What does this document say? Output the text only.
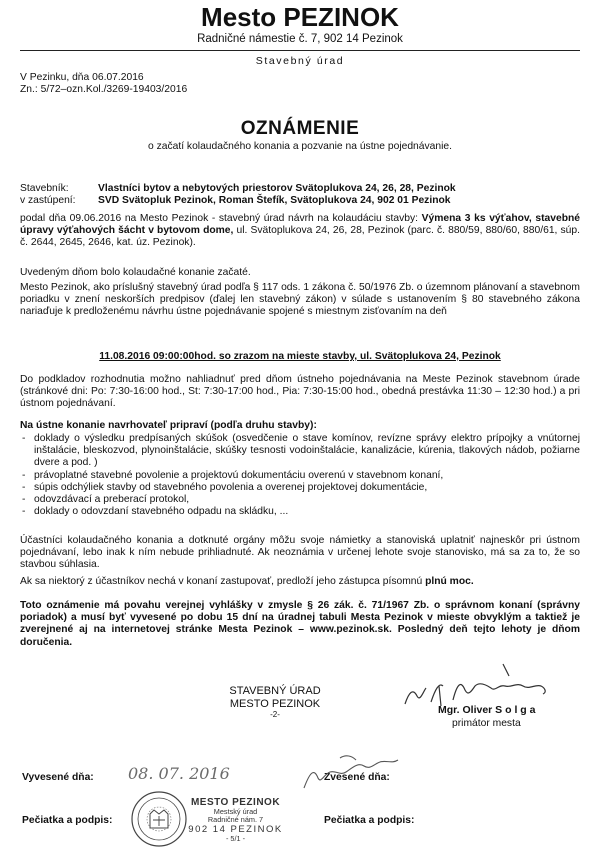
Mesto PEZINOK
Radničné námestie č. 7, 902 14 Pezinok
Stavebný úrad
V Pezinku, dňa 06.07.2016
Zn.: 5/72–ozn.Kol./3269-19403/2016
OZNÁMENIE
o začatí kolaudačného konania a pozvanie na ústne pojednávanie.
Stavebník:	Vlastníci bytov a nebytových priestorov Svätoplukova 24, 26, 28, Pezinok
v zastúpení:	SVD Svätopluk Pezinok, Roman Štefík, Svätoplukova 24, 902 01 Pezinok

podal dňa 09.06.2016 na Mesto Pezinok - stavebný úrad návrh na kolaudáciu stavby: Výmena 3 ks výťahov, stavebné úpravy výťahových šácht v bytovom dome, ul. Svätoplukova 24, 26, 28, Pezinok (parc. č. 880/59, 880/60, 880/61, súp. č. 2644, 2645, 2646, kat. úz. Pezinok).

Uvedeným dňom bolo kolaudačné konanie začaté.

Mesto Pezinok, ako príslušný stavebný úrad podľa § 117 ods. 1 zákona č. 50/1976 Zb. o územnom plánovaní a stavebnom poriadku v znení neskorších predpisov (ďalej len stavebný zákon) v súlade s ustanovením § 80 stavebného zákona nariaďuje k predloženému návrhu ústne pojednávanie spojené s miestnym zisťovaním na deň

11.08.2016 09:00:00hod. so zrazom na mieste stavby, ul. Svätoplukova 24, Pezinok

Do podkladov rozhodnutia možno nahliadnuť pred dňom ústneho pojednávania na Meste Pezinok stavebnom úrade (stránkové dni: Po: 7:30-16:00 hod., St: 7:30-17:00 hod., Pia: 7:30-15:00 hod., obedná prestávka 11:30 – 12:30 hod.) a pri ústnom pojednávaní.

Na ústne konanie navrhovateľ pripraví (podľa druhu stavby):

- doklady o výsledku predpísaných skúšok (osvedčenie o stave komínov, revízne správy elektro prípojky a vnútornej inštalácie, bleskozvod, plynoinštalácie, skúšky tesnosti vodoinštalácie, kanalizácie, kúrenia, tlakových nádob, požiarne dvere a pod. )
- právoplatné stavebné povolenie a projektovú dokumentáciu overenú v stavebnom konaní,
- súpis odchýliek stavby od stavebného povolenia a overenej projektovej dokumentácie,
- odovzdávací a preberací protokol,
- doklady o odovzdaní stavebného odpadu na skládku, ...

Účastníci kolaudačného konania a dotknuté orgány môžu svoje námietky a stanoviská uplatniť najneskôr pri ústnom pojednávaní, lebo inak k ním nebude prihliadnuté. Ak neoznámia v určenej lehote svoje stanovisko, má sa za to, že so stavbou súhlasia.

Ak sa niektorý z účastníkov nechá v konaní zastupovať, predloží jeho zástupca písomnú plnú moc.

Toto oznámenie má povahu verejnej vyhlášky v zmysle § 26 zák. č. 71/1967 Zb. o správnom konaní (správny poriadok) a musí byť vyvesené po dobu 15 dní na úradnej tabuli Mesta Pezinok v mieste obvyklým a taktiež je zverejnené aj na internetovej stránke Mesta Pezinok – www.pezinok.sk. Posledný deň tejto lehoty je dňom doručenia.

STAVEBNÝ ÚRAD
MESTO PEZINOK
-2-	Mgr. Oliver S o l g a
primátor mesta
Vyvesené dňa: 08. 07. 2016	Zvesené dňa:
Pečiatka a podpis:	Pečiatka a podpis:
MESTO PEZINOK
Mestský úrad
Radničné nám. 7
902 14 PEZINOK
- 5/1 -
